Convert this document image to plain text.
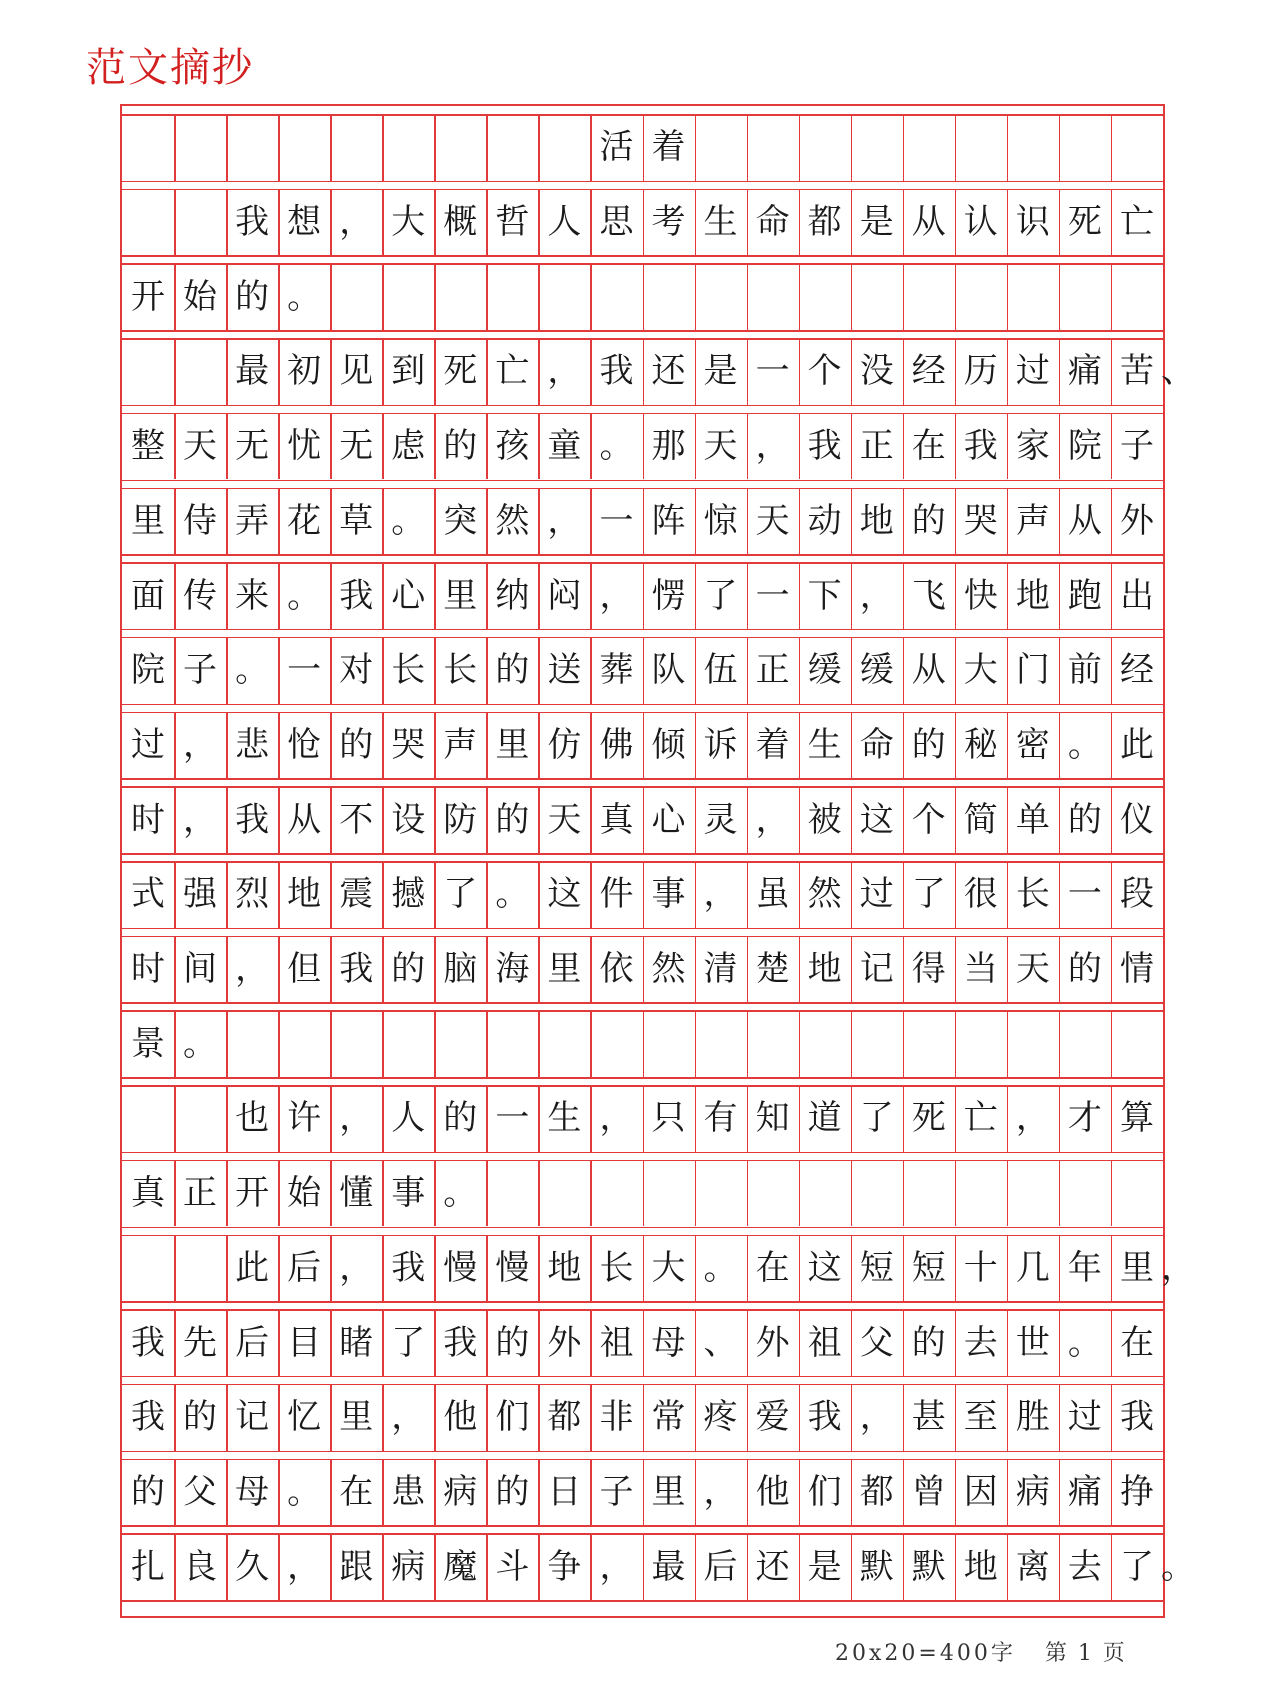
范文摘抄
活 着
我 想 ， 大 概 哲 人 思 考 生 命 都 是 从 认 识 死 亡
开 始 的 。
最 初 见 到 死 亡 ， 我 还 是 一 个 没 经 历 过 痛 苦 、
整 天 无 忧 无 虑 的 孩 童 。 那 天 ， 我 正 在 我 家 院 子
里 侍 弄 花 草 。 突 然 ， 一 阵 惊 天 动 地 的 哭 声 从 外
面 传 来 。 我 心 里 纳 闷 ， 愣 了 一 下 ， 飞 快 地 跑 出
院 子 。 一 对 长 长 的 送 葬 队 伍 正 缓 缓 从 大 门 前 经
过 ， 悲 怆 的 哭 声 里 仿 佛 倾 诉 着 生 命 的 秘 密 。 此
时 ， 我 从 不 设 防 的 天 真 心 灵 ， 被 这 个 简 单 的 仪
式 强 烈 地 震 撼 了 。 这 件 事 ， 虽 然 过 了 很 长 一 段
时 间 ， 但 我 的 脑 海 里 依 然 清 楚 地 记 得 当 天 的 情
景 。
也 许 ， 人 的 一 生 ， 只 有 知 道 了 死 亡 ， 才 算
真 正 开 始 懂 事 。
此 后 ， 我 慢 慢 地 长 大 。 在 这 短 短 十 几 年 里 ，
我 先 后 目 睹 了 我 的 外 祖 母 、 外 祖 父 的 去 世 。 在
我 的 记 忆 里 ， 他 们 都 非 常 疼 爱 我 ， 甚 至 胜 过 我
的 父 母 。 在 患 病 的 日 子 里 ， 他 们 都 曾 因 病 痛 挣
扎 良 久 ， 跟 病 魔 斗 争 ， 最 后 还 是 默 默 地 离 去 了 。
20x20=400字 第 1 页
